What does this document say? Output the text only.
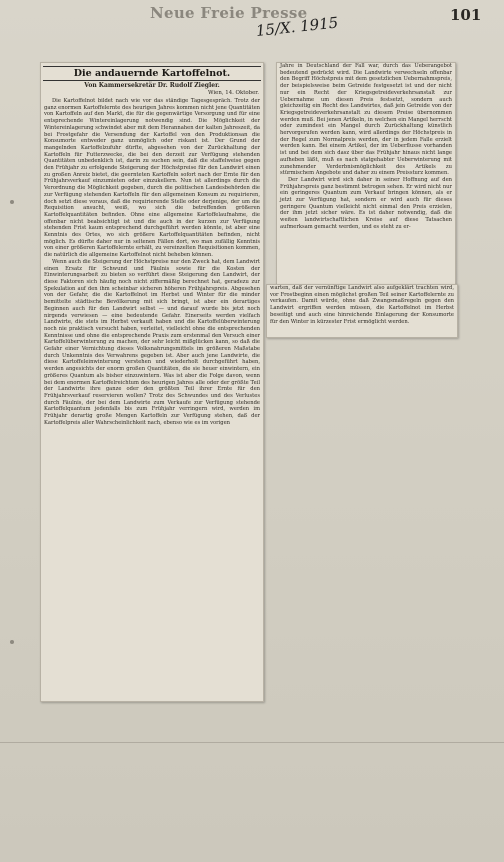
Neue Freie Presse	101
15/X. 1915
Die andauernde Kartoffelnot.
Von Kammersekretär Dr. Rudolf Ziegler.
Wien, 14. Oktober.

Die Kartoffelnot bildet nach wie vor das ständige Tagesgespräch. Trotz der ganz enormen Kartoffelernte des heurigen Jahres kommen nicht jene Quantitäten von Kartoffeln auf den Markt, die für die gegenwärtige Versorgung und für eine entsprechende Wintereinlagerung notwendig sind. Die Möglichkeit der Wintereinlagerung schwindet aber mit dem Herannahen der kalten Jahreszeit, da bei Frostgefahr die Versendung der Kartoffel von den Produktionsan die Konsumorte entweder ganz unmöglich oder riskant ist. Der Grund der mangelnden Kartoffelzufuhr dürfte, abgesehen von der Zurückhaltung der Kartoffeln für Futterzwecke, die bei den derzeit zur Verfügung stehenden Quantitäten unbedenklich ist, darin zu suchen sein, daß die staffelweise gegen den Frühjahr zu erfolgende Steigerung der Höchstpreise für den Landwirt einen zu großen Anreiz bietet, die geernteten Kartoffeln sofort nach der Ernte für den Frühjahrsverkauf einzumieten oder einzukellern. Nun ist allerdings durch die Verordnung die Möglichkeit gegeben, durch die politischen Landesbehörden die zur Verfügung stehenden Kartoffeln für den allgemeinen Konsum zu requirieren, doch setzt diese voraus, daß die requirierende Stelle oder derjenige, der um die Requisition ansucht, weiß, wo sich die betreffenden größeren Kartoffelquantitäten befinden. Ohne eine allgemeine Kartoffelaufnahme, die offenbar nicht beabsichtigt ist und die auch in der kurzen zur Verfügung stehenden Frist kaum entsprechend durchgeführt werden könnte, ist aber eine Kenntnis des Ortes, wo sich größere Kartoffelquantitäten befinden, nicht möglich. Es dürfte daher nur in seltenen Fällen dort, wo man zufällig Kenntnis von einer größeren Kartoffelernte erhält, zu vereinzelten Requisitionen kommen, die natürlich die allgemeine Kartoffelnot nicht beheben können.

Wenn auch die Steigerung der Höchstpreise nur den Zweck hat, dem Landwirt einen Ersatz für Schwund und Fäulnis sowie für die Kosten der Einwinterungsarbeit zu bieten so verführt diese Steigerung den Landwirt, der diese Faktoren sich häufig noch nicht ziffermäßig berechnet hat, geradezu zur Spekulation auf den ihm scheinbar sicheren höheren Frühjahrspreis. Abgesehen von der Gefahr, die die Kartoffelnot im Herbst und Winter für die minder bemittelte städtische Bevölkerung mit sich bringt, ist aber ein derartiges Beginnen auch für den Landwirt selbst — und darauf wurde bis jetzt noch nirgends verwiesen — eine bedeutende Gefahr. Einerseits werden vielfach Landwirte, die stets im Herbst verkauft haben und die Kartoffelüberwinterung noch nie praktisch versucht haben, verleitet, vielleicht ohne die entsprechenden Kenntnisse und ohne die entsprechende Praxis zum erstenmal den Versuch einer Kartoffelüberwinterung zu machen, der sehr leicht mißglücken kann, so daß die Gefahr einer Vernichtung dieses Volksnahrungsmittels im größeren Maßstabe durch Unkenntnis des Verwahrens gegeben ist. Aber auch jene Landwirte, die diese Kartoffeleinwinterung verstehen und wiederholt durchgeführt haben, werden angesichts der enorm großen Quantitäten, die sie heuer einwintern, ein größeres Quantum als bisher einzuwintern. Was ist aber die Folge davon, wenn bei dem enormen Kartoffelreichtum des heurigen Jahres alle oder der größte Teil der Landwirte ihre ganze oder den größten Teil ihrer Ernte für den Frühjahrsverkauf reservieren wollen? Trotz des Schwundes und des Verlustes durch Fäulnis, der bei dem Landwirte zum Verkaufe zur Verfügung stehende Kartoffelquantum jedenfalls bis zum Frühjahr verringern wird, werden im Frühjahr derartig große Mengen Kartoffeln zur Verfügung stehen, daß der Kartoffelpreis aller Wahrscheinlichkeit nach, ebenso wie es im vorigen

Jahre in Deutschland der Fall war, durch das Ueberangebot bedeutend gedrückt wird. Die Landwirte verwechseln offenbar den Begriff Höchstpreis mit dem gesetzlichen Uebernahmspreis, der beispielsweise beim Getreide festgesetzt ist und der nicht nur ein Recht der Kriegsgetreideverkehrsanstalt zur Uebernahme um diesen Preis festsetzt, sondern auch gleichzeitig ein Recht des Landwirtes, daß jein Getreide von der Kriegsgetreideverkehrsanstalt zu diesem Preise übernommen werden muß. Bei jenen Artikeln, in welchen ein Mangel herrscht oder zumindest ein Mangel durch Zurückhaltung künstlich hervorgerufen werden kann, wird allerdings der Höchstpreis in der Regel zum Normalpreis werden, der in jedem Falle erzielt werden kann. Bei einem Artikel, der im Ueberflusse vorhanden ist und bei dem sich dasz über das Frühjahr hinaus nicht lange aufheben läßt, muß es nach statgehabter Ueberwinterung mit zunehmender Verderbnismöglichkeit des Artikels zu stürmischem Angebote und daher zu einem Preissturz kommen.

Der Landwirt wird sich daher in seiner Hoffnung auf den Frühjahrspreis ganz bestimmt betrogen sehen. Er wird nicht nur ein geringeres Quantum zum Verkauf bringen können, als er jetzt zur Verfügung hat, sondern er wird auch für dieses geringere Quantum vielleicht nicht einmal den Preis erzielen, der ihm jetzt sicher wäre. Es ist daher notwendig, daß die weiten landwirtschaftlichen Kreise auf diese Tatsachen aufmerksam gemacht werden, und es steht zu er-

warten, daß der vernünftige Landwirt also aufgeklärt trachten wird, vor Frostbeginn einen möglichst großen Teil seiner Kartoffelernte zu verkaufen. Damit würde, ohne daß Zwangsmaßregeln gegen den Landwirt ergriffen werden müssen, die Kartoffelnot im Herbst beseitigt und auch eine hinreichende Einlagerung der Konsumorte für den Winter in kürzester Frist ermöglicht werden.
